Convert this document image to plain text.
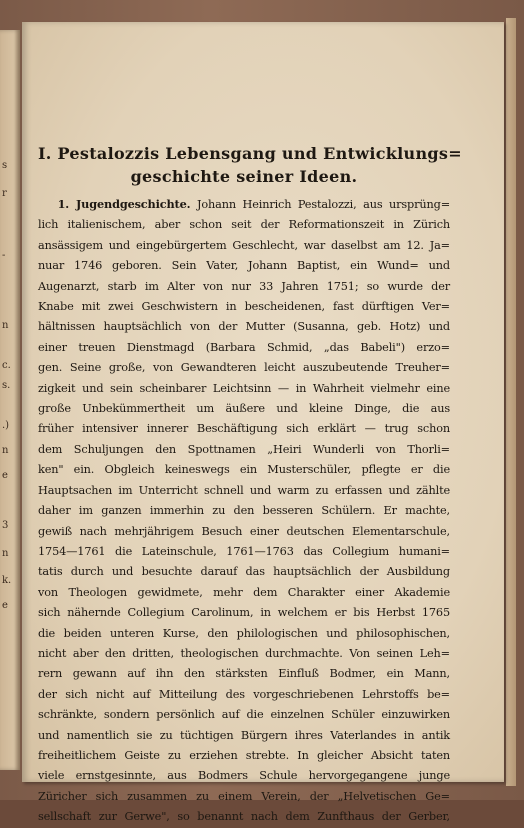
s
r
-
n
c.
s.
.)
n
e
3
n
k.
e
I. Pestalozzis Lebensgang und Entwicklungs=
geschichte seiner Ideen.
1. Jugendgeschichte. Johann Heinrich Pestalozzi, aus ursprüng=
lich italienischem, aber schon seit der Reformationszeit in Zürich
ansässigem und eingebürgertem Geschlecht, war daselbst am 12. Ja=
nuar 1746 geboren. Sein Vater, Johann Baptist, ein Wund= und
Augenarzt, starb im Alter von nur 33 Jahren 1751; so wurde der
Knabe mit zwei Geschwistern in bescheidenen, fast dürftigen Ver=
hältnissen hauptsächlich von der Mutter (Susanna, geb. Hotz) und
einer treuen Dienstmagd (Barbara Schmid, „das Babeli") erzo=
gen. Seine große, von Gewandteren leicht auszubeutende Treuher=
zigkeit und sein scheinbarer Leichtsinn — in Wahrheit vielmehr eine
große Unbekümmertheit um äußere und kleine Dinge, die aus
früher intensiver innerer Beschäftigung sich erklärt — trug schon
dem Schuljungen den Spottnamen „Heiri Wunderli von Thorli=
ken" ein. Obgleich keineswegs ein Musterschüler, pflegte er die
Hauptsachen im Unterricht schnell und warm zu erfassen und zählte
daher im ganzen immerhin zu den besseren Schülern. Er machte,
gewiß nach mehrjährigem Besuch einer deutschen Elementarschule,
1754—1761 die Lateinschule, 1761—1763 das Collegium humani=
tatis durch und besuchte darauf das hauptsächlich der Ausbildung
von Theologen gewidmete, mehr dem Charakter einer Akademie
sich nähernde Collegium Carolinum, in welchem er bis Herbst 1765
die beiden unteren Kurse, den philologischen und philosophischen,
nicht aber den dritten, theologischen durchmachte. Von seinen Leh=
rern gewann auf ihn den stärksten Einfluß Bodmer, ein Mann,
der sich nicht auf Mitteilung des vorgeschriebenen Lehrstoffs be=
schränkte, sondern persönlich auf die einzelnen Schüler einzuwirken
und namentlich sie zu tüchtigen Bürgern ihres Vaterlandes in antik
freiheitlichem Geiste zu erziehen strebte. In gleicher Absicht taten
viele ernstgesinnte, aus Bodmers Schule hervorgegangene junge
Züricher sich zusammen zu einem Verein, der „Helvetischen Ge=
sellschaft zur Gerwe", so benannt nach dem Zunfthaus der Gerber,
